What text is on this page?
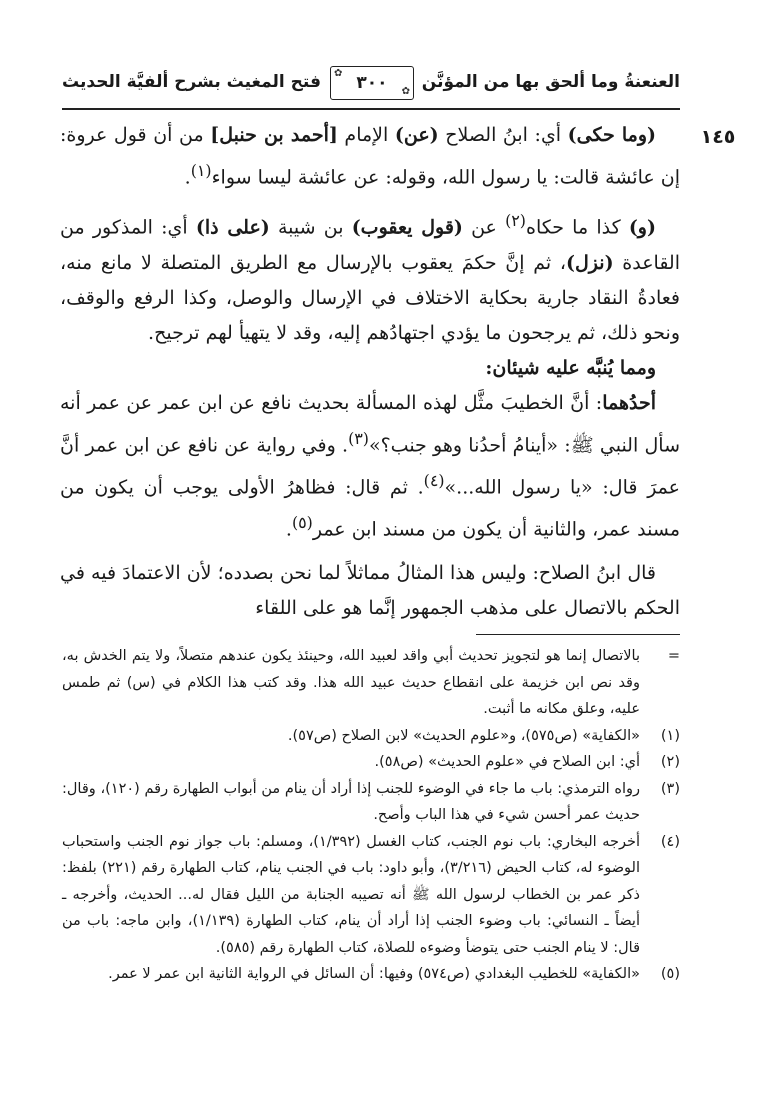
العنعنةُ وما ألحق بها من المؤنَّن
✿ ٣٠٠ ✿
فتح المغيث بشرح ألفيَّة الحديث
١٤٥

(وما حكى) أي: ابنُ الصلاح (عن) الإمام [أحمد بن حنبل] من أن قول عروة: إن عائشة قالت: يا رسول الله، وقوله: عن عائشة ليسا سواء$^{(١)}$.

(و) كذا ما حكاه$^{(٢)}$ عن (قول يعقوب) بن شيبة (على ذا) أي: المذكور من القاعدة (نزل)، ثم إنَّ حكمَ يعقوب بالإرسال مع الطريق المتصلة لا مانع منه، فعادةُ النقاد جارية بحكاية الاختلاف في الإرسال والوصل، وكذا الرفع والوقف، ونحو ذلك، ثم يرجحون ما يؤدي اجتهادُهم إليه، وقد لا يتهيأ لهم ترجيح.

ومما يُنبَّه عليه شيئان:

أحدُهما: أنَّ الخطيبَ مثَّل لهذه المسألة بحديث نافع عن ابن عمر عن عمر أنه سأل النبي ﷺ: «أينامُ أحدُنا وهو جنب؟»$^{(٣)}$. وفي رواية عن نافع عن ابن عمر أنَّ عمرَ قال: «يا رسول الله...»$^{(٤)}$. ثم قال: فظاهرُ الأولى يوجب أن يكون من مسند عمر، والثانية أن يكون من مسند ابن عمر$^{(٥)}$.

قال ابنُ الصلاح: وليس هذا المثالُ مماثلاً لما نحن بصدده؛ لأن الاعتمادَ فيه في الحكم بالاتصال على مذهب الجمهور إنَّما هو على اللقاء

=
بالاتصال إنما هو لتجويز تحديث أبي واقد لعبيد الله، وحينئذ يكون عندهم متصلاً، ولا يتم الخدش به، وقد نص ابن خزيمة على انقطاع حديث عبيد الله هذا. وقد كتب هذا الكلام في (س) ثم طمس عليه، وعلق مكانه ما أثبت.
(١)
«الكفاية» (ص٥٧٥)، و«علوم الحديث» لابن الصلاح (ص٥٧).
(٢)
أي: ابن الصلاح في «علوم الحديث» (ص٥٨).
(٣)
رواه الترمذي: باب ما جاء في الوضوء للجنب إذا أراد أن ينام من أبواب الطهارة رقم (١٢٠)، وقال: حديث عمر أحسن شيء في هذا الباب وأصح.
(٤)
أخرجه البخاري: باب نوم الجنب، كتاب الغسل (١/٣٩٢)، ومسلم: باب جواز نوم الجنب واستحباب الوضوء له، كتاب الحيض (٣/٢١٦)، وأبو داود: باب في الجنب ينام، كتاب الطهارة رقم (٢٢١) بلفظ: ذكر عمر بن الخطاب لرسول الله ﷺ أنه تصيبه الجنابة من الليل فقال له... الحديث، وأخرجه ـ أيضاً ـ النسائي: باب وضوء الجنب إذا أراد أن ينام، كتاب الطهارة (١/١٣٩)، وابن ماجه: باب من قال: لا ينام الجنب حتى يتوضأ وضوءه للصلاة، كتاب الطهارة رقم (٥٨٥).
(٥)
«الكفاية» للخطيب البغدادي (ص٥٧٤) وفيها: أن السائل في الرواية الثانية ابن عمر لا عمر.
